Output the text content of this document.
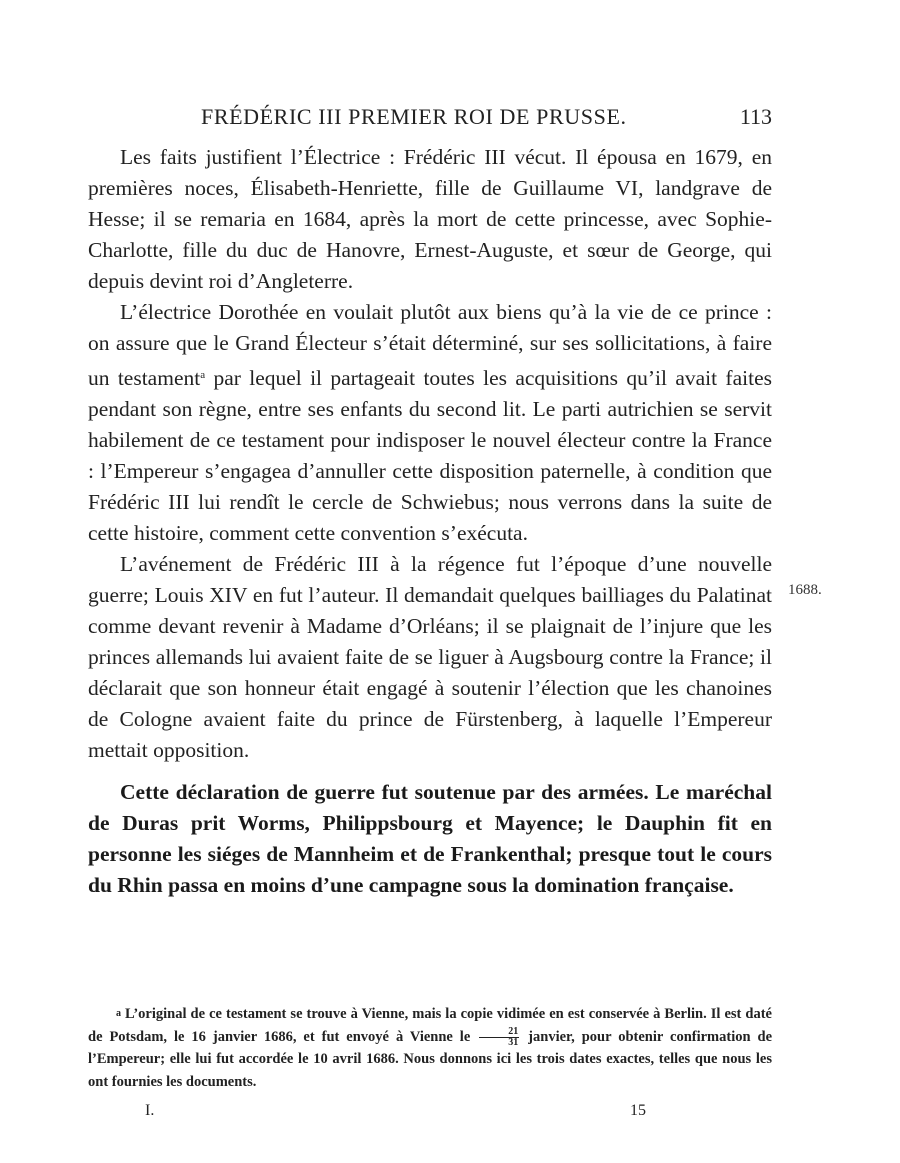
FRÉDÉRIC III PREMIER ROI DE PRUSSE.	113

Les faits justifient l’Électrice : Frédéric III vécut. Il épousa en 1679, en premières noces, Élisabeth-Henriette, fille de Guillaume VI, landgrave de Hesse; il se remaria en 1684, après la mort de cette princesse, avec Sophie-Charlotte, fille du duc de Hanovre, Ernest-Auguste, et sœur de George, qui depuis devint roi d’Angleterre.

L’électrice Dorothée en voulait plutôt aux biens qu’à la vie de ce prince : on assure que le Grand Électeur s’était déterminé, sur ses sollicitations, à faire un testament$^a$ par lequel il partageait toutes les acquisitions qu’il avait faites pendant son règne, entre ses enfants du second lit. Le parti autrichien se servit habilement de ce testament pour indisposer le nouvel électeur contre la France : l’Empereur s’engagea d’annuller cette disposition paternelle, à condition que Frédéric III lui rendît le cercle de Schwiebus; nous verrons dans la suite de cette histoire, comment cette convention s’exécuta.

L’avénement de Frédéric III à la régence fut l’époque d’une nouvelle guerre; Louis XIV en fut l’auteur. Il demandait quelques bailliages du Palatinat comme devant revenir à Madame d’Orléans; il se plaignait de l’injure que les princes allemands lui avaient faite de se liguer à Augsbourg contre la France; il déclarait que son honneur était engagé à soutenir l’élection que les chanoines de Cologne avaient faite du prince de Fürstenberg, à laquelle l’Empereur mettait opposition.

Cette déclaration de guerre fut soutenue par des armées. Le maréchal de Duras prit Worms, Philippsbourg et Mayence; le Dauphin fit en personne les siéges de Mannheim et de Frankenthal; presque tout le cours du Rhin passa en moins d’une campagne sous la domination française.

1688.

a L’original de ce testament se trouve à Vienne, mais la copie vidimée en est conservée à Berlin. Il est daté de Potsdam, le 16 janvier 1686, et fut envoyé à Vienne le $\frac{21}{31}$ janvier, pour obtenir confirmation de l’Empereur; elle lui fut accordée le 10 avril 1686. Nous donnons ici les trois dates exactes, telles que nous les ont fournies les documents.

I.	15
